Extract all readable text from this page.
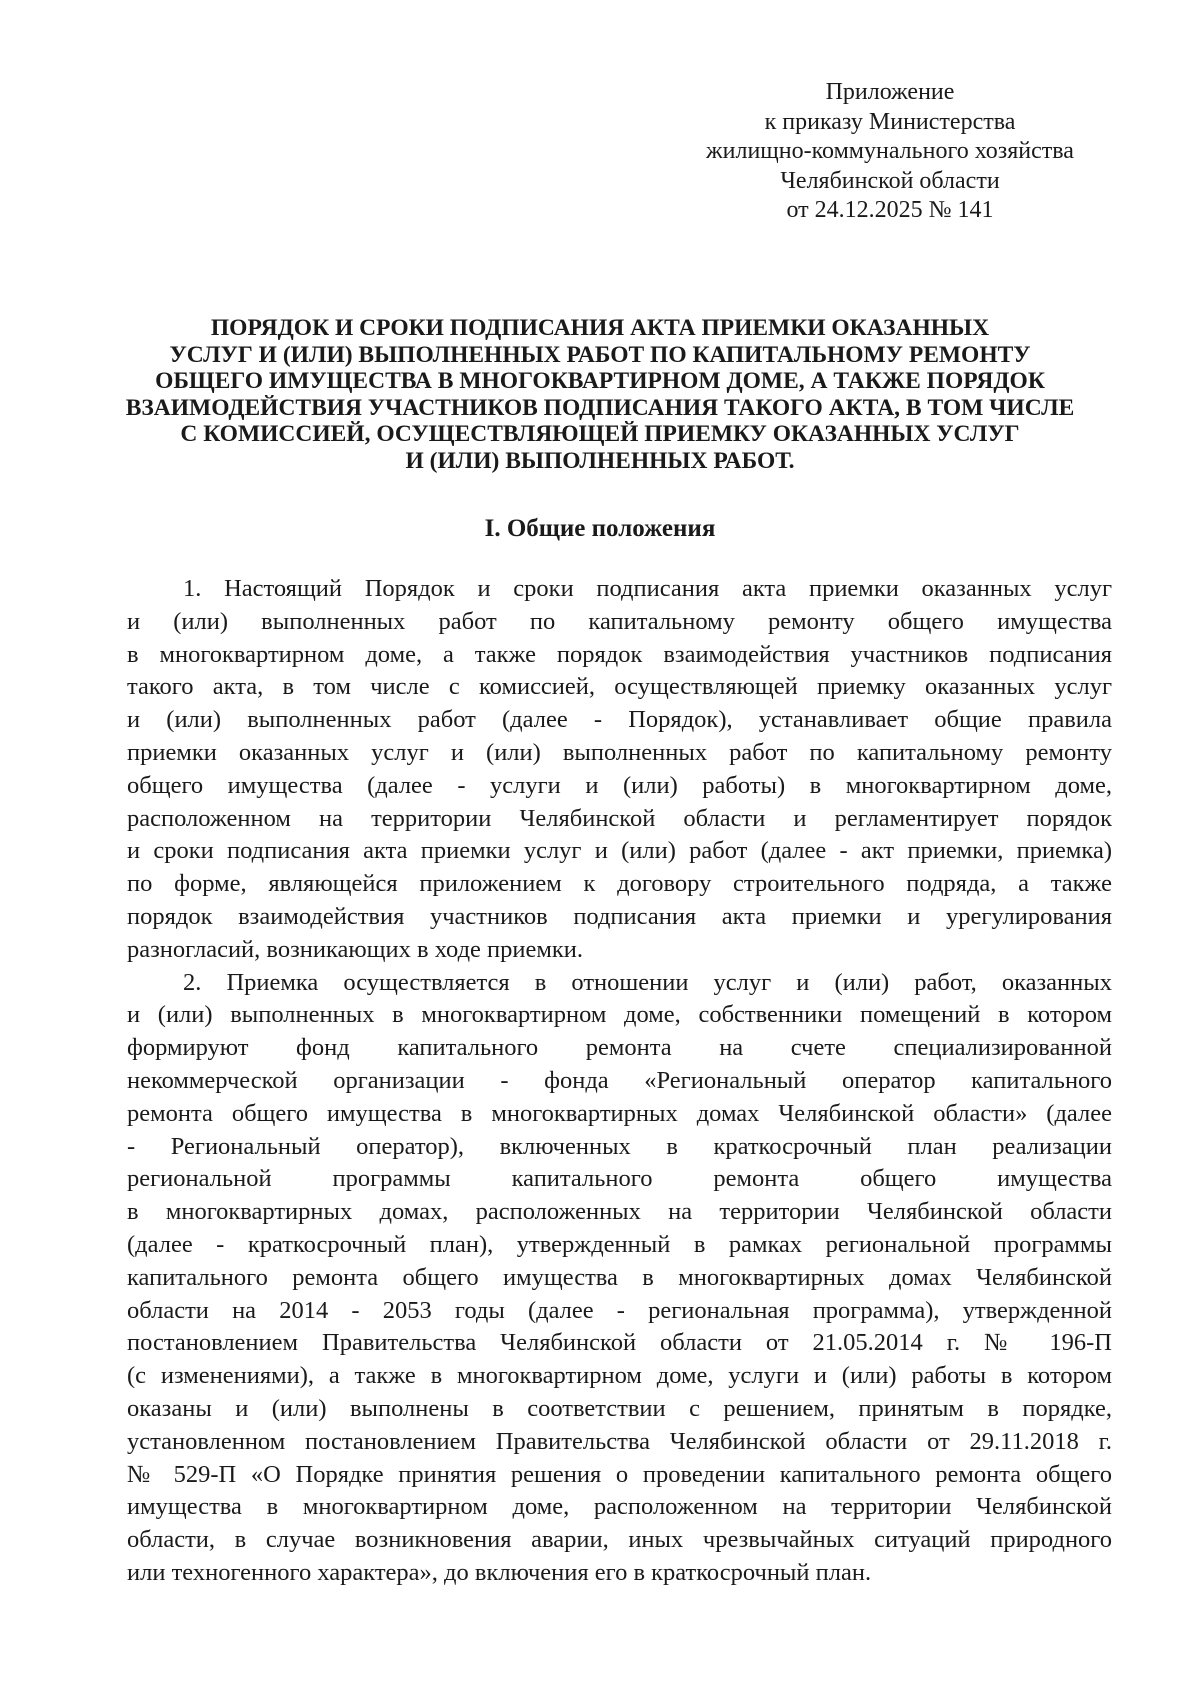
Приложение
к приказу Министерства
жилищно-коммунального хозяйства
Челябинской области
от 24.12.2025 № 141
ПОРЯДОК И СРОКИ ПОДПИСАНИЯ АКТА ПРИЕМКИ ОКАЗАННЫХ
УСЛУГ И (ИЛИ) ВЫПОЛНЕННЫХ РАБОТ ПО КАПИТАЛЬНОМУ РЕМОНТУ
ОБЩЕГО ИМУЩЕСТВА В МНОГОКВАРТИРНОМ ДОМЕ, А ТАКЖЕ ПОРЯДОК
ВЗАИМОДЕЙСТВИЯ УЧАСТНИКОВ ПОДПИСАНИЯ ТАКОГО АКТА, В ТОМ ЧИСЛЕ
С КОМИССИЕЙ, ОСУЩЕСТВЛЯЮЩЕЙ ПРИЕМКУ ОКАЗАННЫХ УСЛУГ
И (ИЛИ) ВЫПОЛНЕННЫХ РАБОТ.
I. Общие положения
1. Настоящий Порядок и сроки подписания акта приемки оказанных услуг
и (или) выполненных работ по капитальному ремонту общего имущества
в многоквартирном доме, а также порядок взаимодействия участников подписания
такого акта, в том числе с комиссией, осуществляющей приемку оказанных услуг
и (или) выполненных работ (далее - Порядок), устанавливает общие правила
приемки оказанных услуг и (или) выполненных работ по капитальному ремонту
общего имущества (далее - услуги и (или) работы) в многоквартирном доме,
расположенном на территории Челябинской области и регламентирует порядок
и сроки подписания акта приемки услуг и (или) работ (далее - акт приемки, приемка)
по форме, являющейся приложением к договору строительного подряда, а также
порядок взаимодействия участников подписания акта приемки и урегулирования
разногласий, возникающих в ходе приемки.
2. Приемка осуществляется в отношении услуг и (или) работ, оказанных
и (или) выполненных в многоквартирном доме, собственники помещений в котором
формируют фонд капитального ремонта на счете специализированной
некоммерческой организации - фонда «Региональный оператор капитального
ремонта общего имущества в многоквартирных домах Челябинской области» (далее
- Региональный оператор), включенных в краткосрочный план реализации
региональной программы капитального ремонта общего имущества
в многоквартирных домах, расположенных на территории Челябинской области
(далее - краткосрочный план), утвержденный в рамках региональной программы
капитального ремонта общего имущества в многоквартирных домах Челябинской
области на 2014 - 2053 годы (далее - региональная программа), утвержденной
постановлением Правительства Челябинской области от 21.05.2014 г. № 196-П
(с изменениями), а также в многоквартирном доме, услуги и (или) работы в котором
оказаны и (или) выполнены в соответствии с решением, принятым в порядке,
установленном постановлением Правительства Челябинской области от 29.11.2018 г.
№ 529-П «О Порядке принятия решения о проведении капитального ремонта общего
имущества в многоквартирном доме, расположенном на территории Челябинской
области, в случае возникновения аварии, иных чрезвычайных ситуаций природного
или техногенного характера», до включения его в краткосрочный план.
